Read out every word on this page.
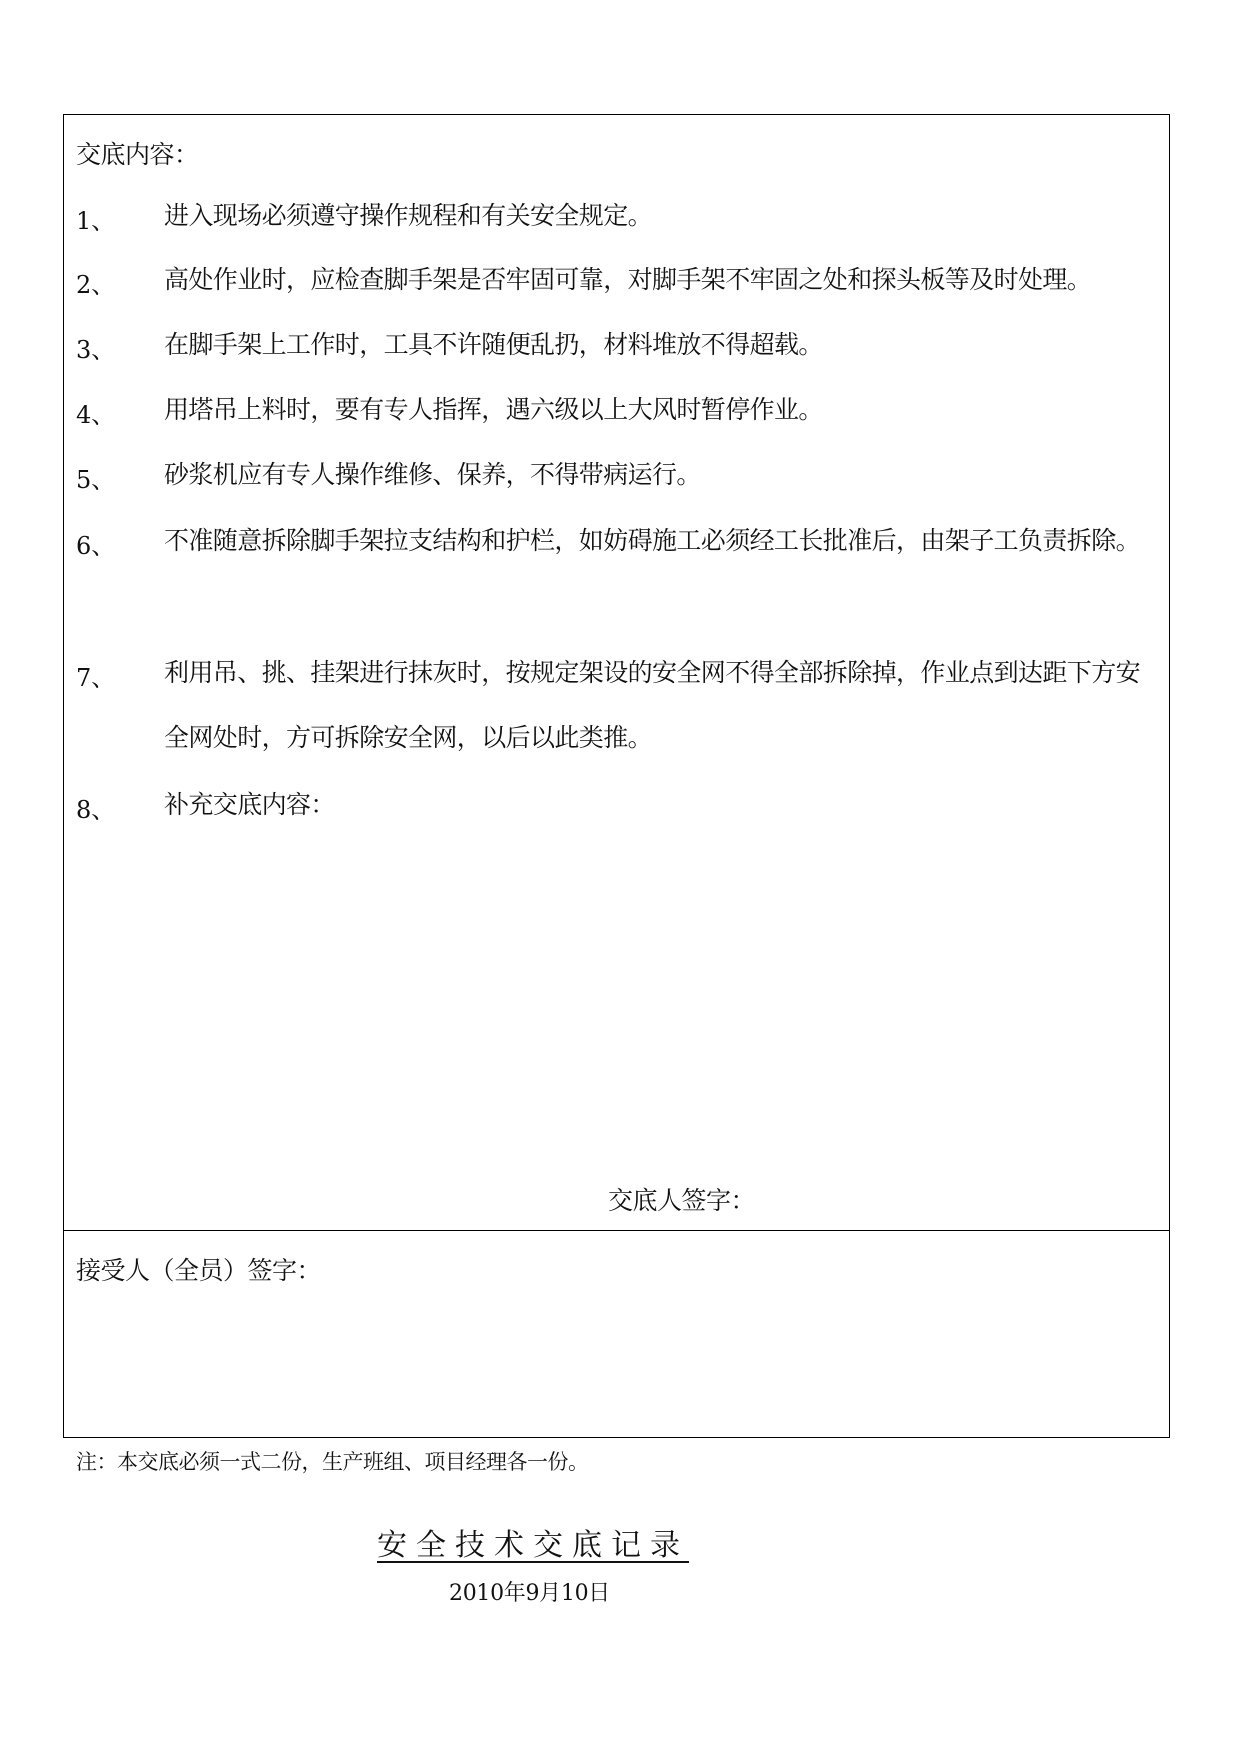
交底内容：
1、 进入现场必须遵守操作规程和有关安全规定。
2、 高处作业时，应检查脚手架是否牢固可靠，对脚手架不牢固之处和探头板等及时处理。
3、 在脚手架上工作时，工具不许随便乱扔，材料堆放不得超载。
4、 用塔吊上料时，要有专人指挥，遇六级以上大风时暂停作业。
5、 砂浆机应有专人操作维修、保养，不得带病运行。
6、 不准随意拆除脚手架拉支结构和护栏，如妨碍施工必须经工长批准后，由架子工负责拆除。
7、 利用吊、挑、挂架进行抹灰时，按规定架设的安全网不得全部拆除掉，作业点到达距下方安全网处时，方可拆除安全网，以后以此类推。
8、 补充交底内容：
交底人签字：
接受人（全员）签字：
注：本交底必须一式二份，生产班组、项目经理各一份。
安全技术交底记录
2010年9月10日
